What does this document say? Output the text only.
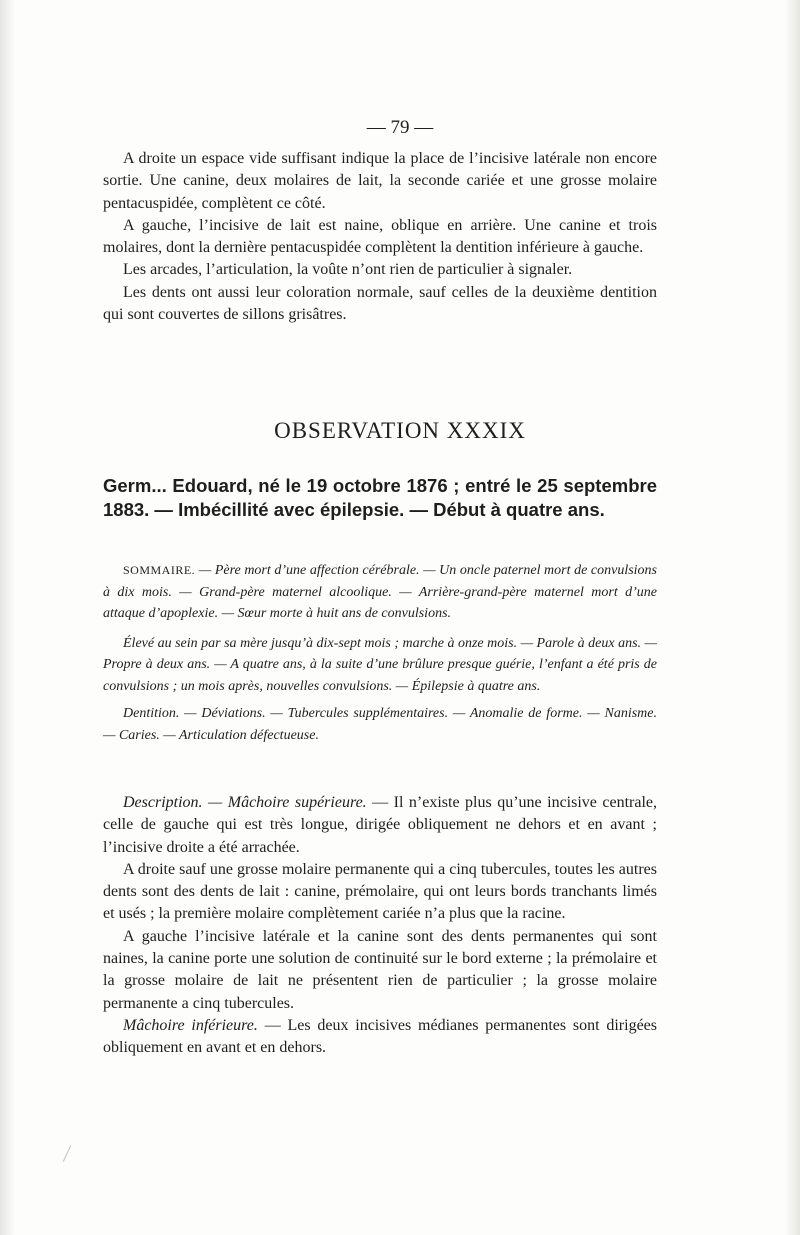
— 79 —

A droite un espace vide suffisant indique la place de l’incisive latérale non encore sortie. Une canine, deux molaires de lait, la seconde cariée et une grosse molaire pentacuspidée, complètent ce côté.

A gauche, l’incisive de lait est naine, oblique en arrière. Une canine et trois molaires, dont la dernière pentacuspidée complètent la dentition inférieure à gauche.

Les arcades, l’articulation, la voûte n’ont rien de particulier à signaler.

Les dents ont aussi leur coloration normale, sauf celles de la deuxième dentition qui sont couvertes de sillons grisâtres.

OBSERVATION XXXIX

Germ... Edouard, né le 19 octobre 1876 ; entré le 25 septembre 1883. — Imbécillité avec épilepsie. — Début à quatre ans.

SOMMAIRE. — Père mort d’une affection cérébrale. — Un oncle paternel mort de convulsions à dix mois. — Grand-père maternel alcoolique. — Arrière-grand-père maternel mort d’une attaque d’apoplexie. — Sœur morte à huit ans de convulsions.

Élevé au sein par sa mère jusqu’à dix-sept mois ; marche à onze mois. — Parole à deux ans. — Propre à deux ans. — A quatre ans, à la suite d’une brûlure presque guérie, l’enfant a été pris de convulsions ; un mois après, nouvelles convulsions. — Épilepsie à quatre ans.

Dentition. — Déviations. — Tubercules supplémentaires. — Anomalie de forme. — Nanisme. — Caries. — Articulation défectueuse.

Description. — Mâchoire supérieure. — Il n’existe plus qu’une incisive centrale, celle de gauche qui est très longue, dirigée obliquement ne dehors et en avant ; l’incisive droite a été arrachée.

A droite sauf une grosse molaire permanente qui a cinq tubercules, toutes les autres dents sont des dents de lait : canine, prémolaire, qui ont leurs bords tranchants limés et usés ; la première molaire complètement cariée n’a plus que la racine.

A gauche l’incisive latérale et la canine sont des dents permanentes qui sont naines, la canine porte une solution de continuité sur le bord externe ; la prémolaire et la grosse molaire de lait ne présentent rien de particulier ; la grosse molaire permanente a cinq tubercules.

Mâchoire inférieure. — Les deux incisives médianes permanentes sont dirigées obliquement en avant et en dehors.
